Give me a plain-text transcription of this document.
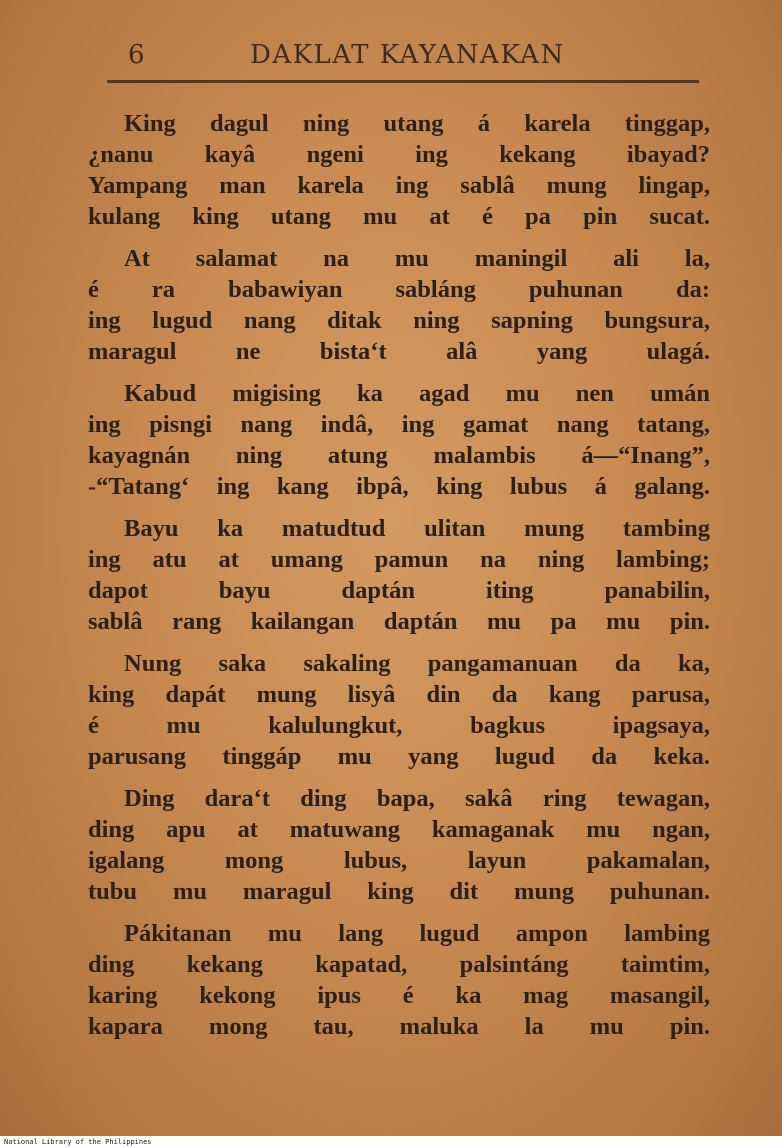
6	DAKLAT KAYANAKAN
King dagul ning utang á karela tinggap,
¿nanu kayâ ngeni ing kekang ibayad?
Yampang man karela ing sablâ mung lingap,
kulang king utang mu at é pa pin sucat.
At salamat na mu maningil ali la,
é ra babawiyan sabláng puhunan da:
ing lugud nang ditak ning sapning bungsura,
maragul ne bista‘t alâ yang ulagá.
Kabud migising ka agad mu nen umán
ing pisngi nang indâ, ing gamat nang tatang,
kayagnán ning atung malambis á—“Inang”,
-“Tatang‘ ing kang ibpâ, king lubus á galang.
Bayu ka matudtud ulitan mung tambing
ing atu at umang pamun na ning lambing;
dapot bayu daptán iting panabilin,
sablâ rang kailangan daptán mu pa mu pin.
Nung saka sakaling pangamanuan da ka,
king dapát mung lisyâ din da kang parusa,
é mu kalulungkut, bagkus ipagsaya,
parusang tinggáp mu yang lugud da keka.
Ding dara‘t ding bapa, sakâ ring tewagan,
ding apu at matuwang kamaganak mu ngan,
igalang mong lubus, layun pakamalan,
tubu mu maragul king dit mung puhunan.
Pákitanan mu lang lugud ampon lambing
ding kekang kapatad, palsintáng taimtim,
karing kekong ipus é ka mag masangil,
kapara mong tau, maluka la mu pin.
National Library of the Philippines
